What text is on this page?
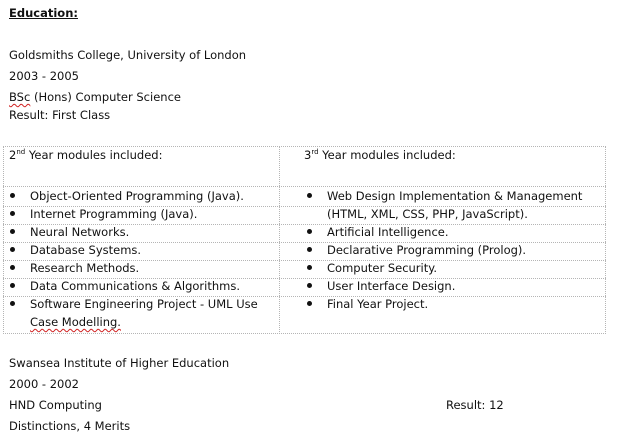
Education:
Goldsmiths College, University of London
2003 - 2005
BSc (Hons) Computer Science
Result: First Class
2nd Year modules included:	3rd Year modules included:
Object-Oriented Programming (Java).
Internet Programming (Java).
Neural Networks.
Database Systems.
Research Methods.
Data Communications & Algorithms.
Software Engineering Project - UML Use
Case Modelling.
Web Design Implementation & Management
(HTML, XML, CSS, PHP, JavaScript).
Artificial Intelligence.
Declarative Programming (Prolog).
Computer Security.
User Interface Design.
Final Year Project.
Swansea Institute of Higher Education
2000 - 2002
HND Computing	Result: 12
Distinctions, 4 Merits
